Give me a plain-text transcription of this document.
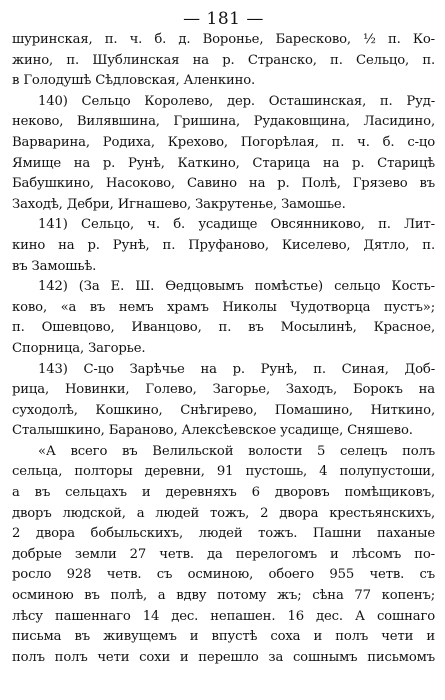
— 181 —
шуринская, п. ч. б. д. Воронье, Баресково, ½ п. Ко-
жино, п. Шублинская на р. Странско, п. Сельцо, п.
в Голодушѣ Сѣдловская, Аленкино.
140) Сельцо Королево, дер. Осташинская, п. Руд-
нековo, Вилявшина, Гришина, Рудаковщина, Ласидино,
Варварина, Родиха, Крехово, Погорѣлая, п. ч. б. с-цо
Ямище на р. Рунѣ, Каткино, Старица на р. Старицѣ
Бабушкино, Насоково, Савино на р. Полѣ, Грязево въ
Заходѣ, Дебри, Игнашево, Закрутенье, Замошье.
141) Сельцо, ч. б. усадище Овсянниково, п. Лит-
кино на р. Рунѣ, п. Пруфаново, Киселево, Дятло, п.
въ Замошьѣ.
142) (За Е. Ш. Ѳедцовымъ помѣстье) сельцо Кость-
ково, «а въ немъ храмъ Николы Чудотворца пустъ»;
п. Ошевцово, Иванцово, п. въ Мосылинѣ, Красное,
Спорница, Загорье.
143) С-цо Зарѣчье на р. Рунѣ, п. Синая, Доб-
рица, Новинки, Голево, Загорье, Заходъ, Борокъ на
суходолѣ, Кошкино, Снѣгирево, Помашино, Ниткино,
Сталышкино, Бараново, Алексѣевское усадище, Сняшево.
«А всего въ Велильской волости 5 селецъ полъ
сельца, полторы деревни, 91 пустошь, 4 полупустоши,
а въ сельцахъ и деревняхъ 6 дворовъ помѣщиковъ,
дворъ людской, а людей тожъ, 2 двора крестьянскихъ,
2 двора бобыльскихъ, людей тожъ. Пашни паханые
добрые земли 27 четв. да перелогомъ и лѣсомъ по-
росло 928 четв. съ осминою, обоего 955 четв. съ
осминою въ полѣ, а вдву потому жъ; сѣна 77 копенъ;
лѣсу пашеннаго 14 дес. непашен. 16 дес. А сошнаго
письма въ живущемъ и впустѣ соха и полъ чети и
полъ полъ чети сохи и перешло за сошнымъ письмомъ
